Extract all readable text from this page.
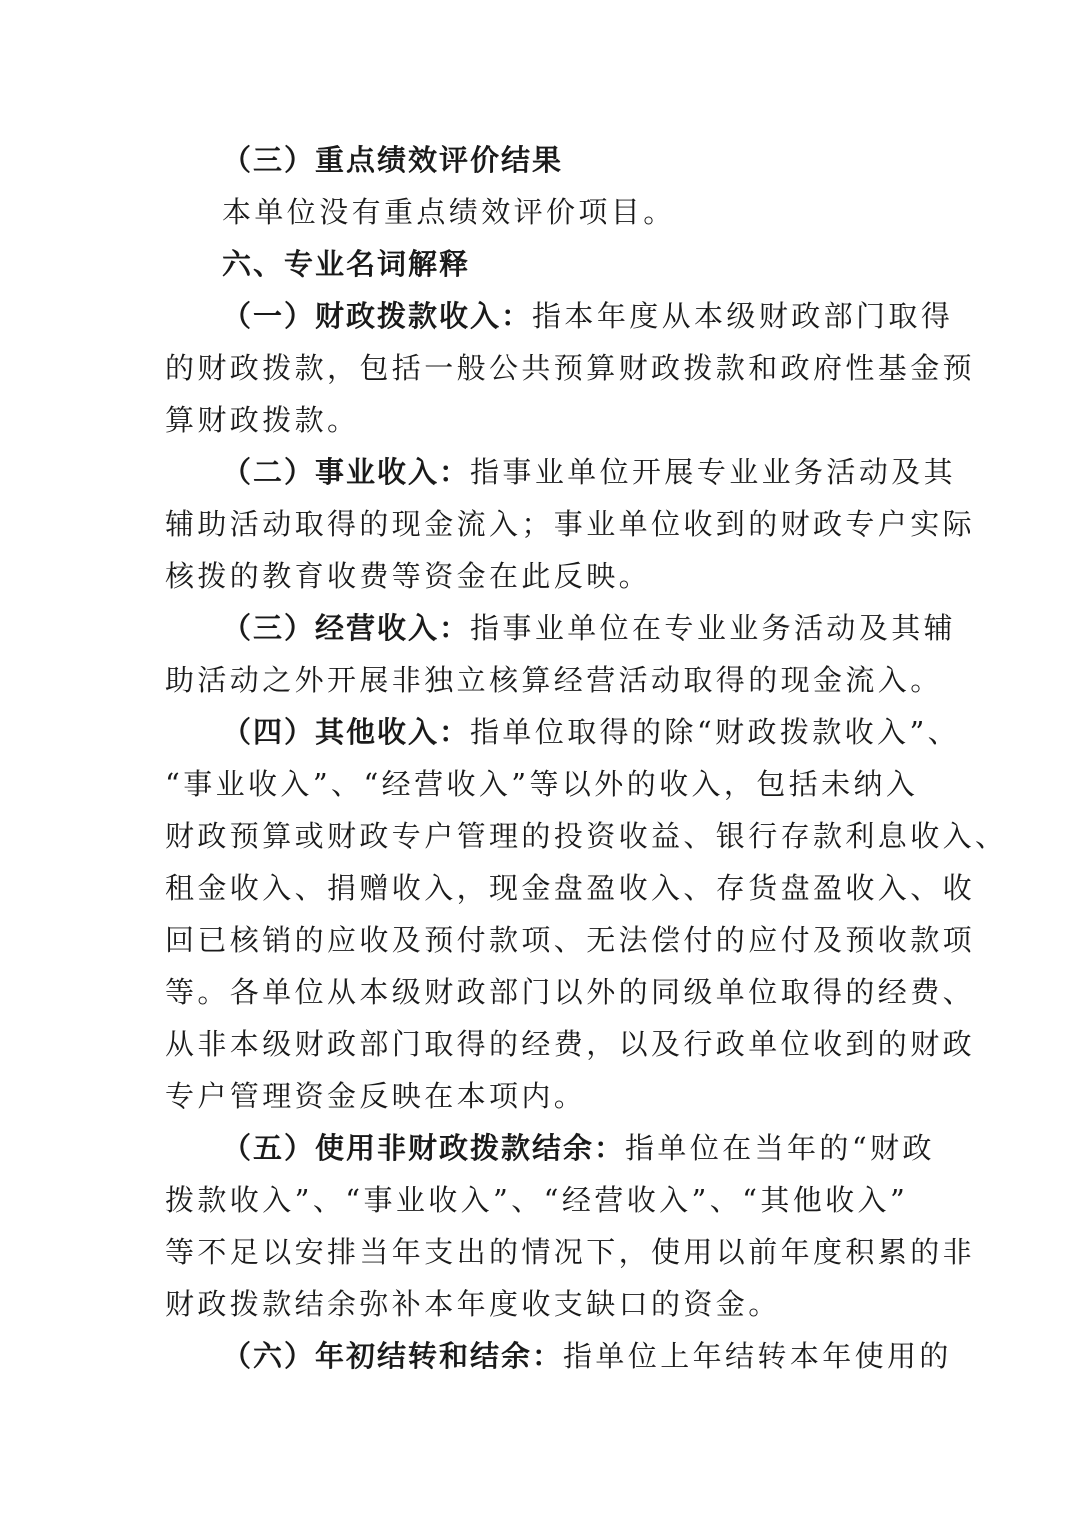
（三）重点绩效评价结果
本单位没有重点绩效评价项目。
六、专业名词解释
（一）财政拨款收入：指本年度从本级财政部门取得
的财政拨款，包括一般公共预算财政拨款和政府性基金预
算财政拨款。
（二）事业收入：指事业单位开展专业业务活动及其
辅助活动取得的现金流入；事业单位收到的财政专户实际
核拨的教育收费等资金在此反映。
（三）经营收入：指事业单位在专业业务活动及其辅
助活动之外开展非独立核算经营活动取得的现金流入。
（四）其他收入：指单位取得的除“财政拨款收入”、
“事业收入”、“经营收入”等以外的收入，包括未纳入
财政预算或财政专户管理的投资收益、银行存款利息收入、
租金收入、捐赠收入，现金盘盈收入、存货盘盈收入、收
回已核销的应收及预付款项、无法偿付的应付及预收款项
等。各单位从本级财政部门以外的同级单位取得的经费、
从非本级财政部门取得的经费，以及行政单位收到的财政
专户管理资金反映在本项内。
（五）使用非财政拨款结余：指单位在当年的“财政
拨款收入”、“事业收入”、“经营收入”、“其他收入”
等不足以安排当年支出的情况下，使用以前年度积累的非
财政拨款结余弥补本年度收支缺口的资金。
（六）年初结转和结余：指单位上年结转本年使用的
